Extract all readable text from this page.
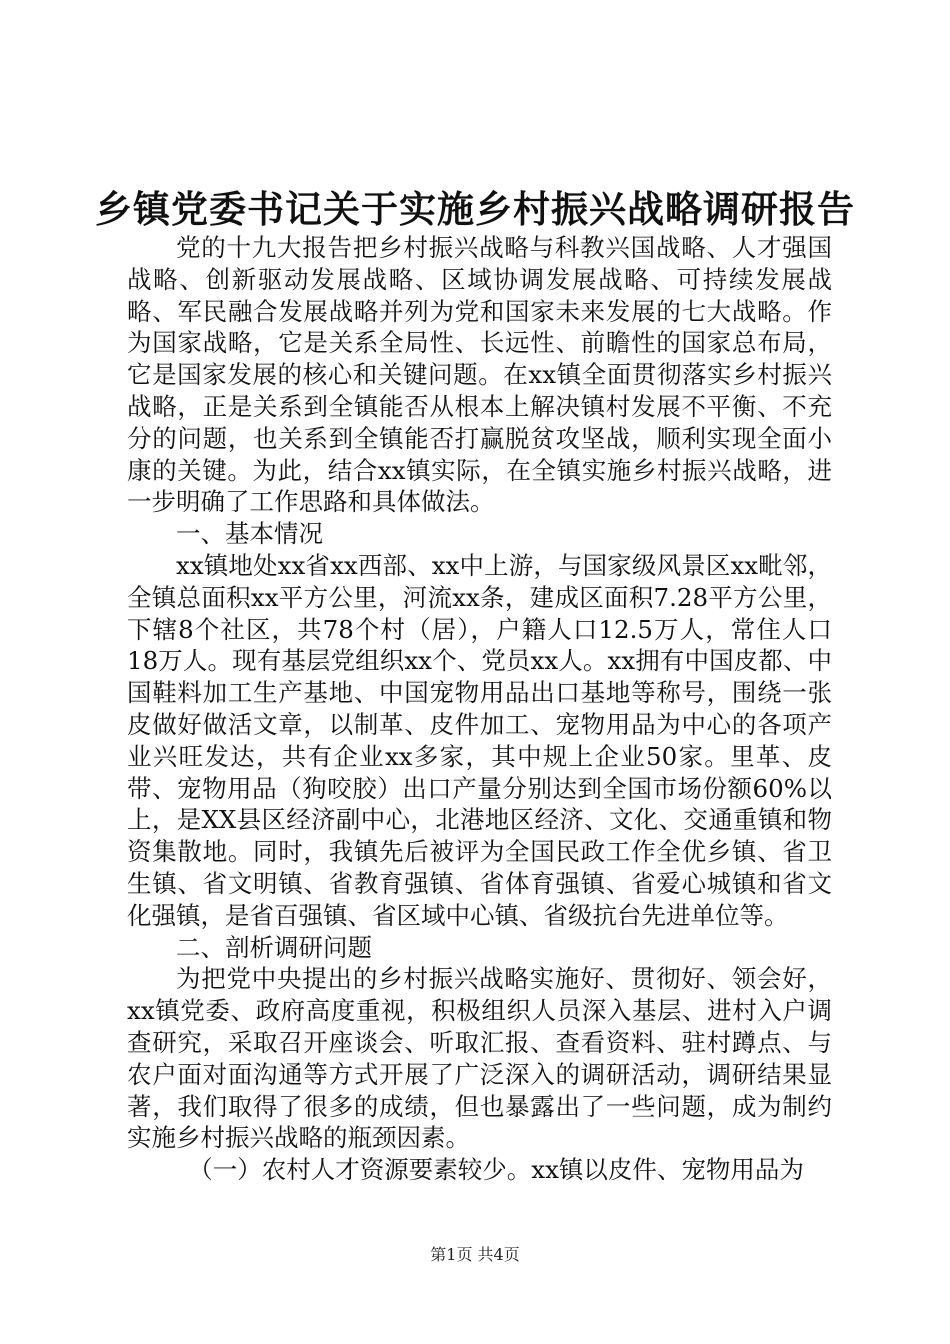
乡镇党委书记关于实施乡村振兴战略调研报告

党的十九大报告把乡村振兴战略与科教兴国战略、人才强国战略、创新驱动发展战略、区域协调发展战略、可持续发展战略、军民融合发展战略并列为党和国家未来发展的七大战略。作为国家战略，它是关系全局性、长远性、前瞻性的国家总布局，它是国家发展的核心和关键问题。在xx镇全面贯彻落实乡村振兴战略，正是关系到全镇能否从根本上解决镇村发展不平衡、不充分的问题，也关系到全镇能否打赢脱贫攻坚战，顺利实现全面小康的关键。为此，结合xx镇实际，在全镇实施乡村振兴战略，进一步明确了工作思路和具体做法。

一、基本情况

xx镇地处xx省xx西部、xx中上游，与国家级风景区xx毗邻，全镇总面积xx平方公里，河流xx条，建成区面积7.28平方公里，下辖8个社区，共78个村（居），户籍人口12.5万人，常住人口18万人。现有基层党组织xx个、党员xx人。xx拥有中国皮都、中国鞋料加工生产基地、中国宠物用品出口基地等称号，围绕一张皮做好做活文章，以制革、皮件加工、宠物用品为中心的各项产业兴旺发达，共有企业xx多家，其中规上企业50家。里革、皮带、宠物用品（狗咬胶）出口产量分别达到全国市场份额60%以上，是XX县区经济副中心，北港地区经济、文化、交通重镇和物资集散地。同时，我镇先后被评为全国民政工作全优乡镇、省卫生镇、省文明镇、省教育强镇、省体育强镇、省爱心城镇和省文化强镇，是省百强镇、省区域中心镇、省级抗台先进单位等。

二、剖析调研问题

为把党中央提出的乡村振兴战略实施好、贯彻好、领会好，xx镇党委、政府高度重视，积极组织人员深入基层、进村入户调查研究，采取召开座谈会、听取汇报、查看资料、驻村蹲点、与农户面对面沟通等方式开展了广泛深入的调研活动，调研结果显著，我们取得了很多的成绩，但也暴露出了一些问题，成为制约实施乡村振兴战略的瓶颈因素。

（一）农村人才资源要素较少。xx镇以皮件、宠物用品为

第1页 共4页
